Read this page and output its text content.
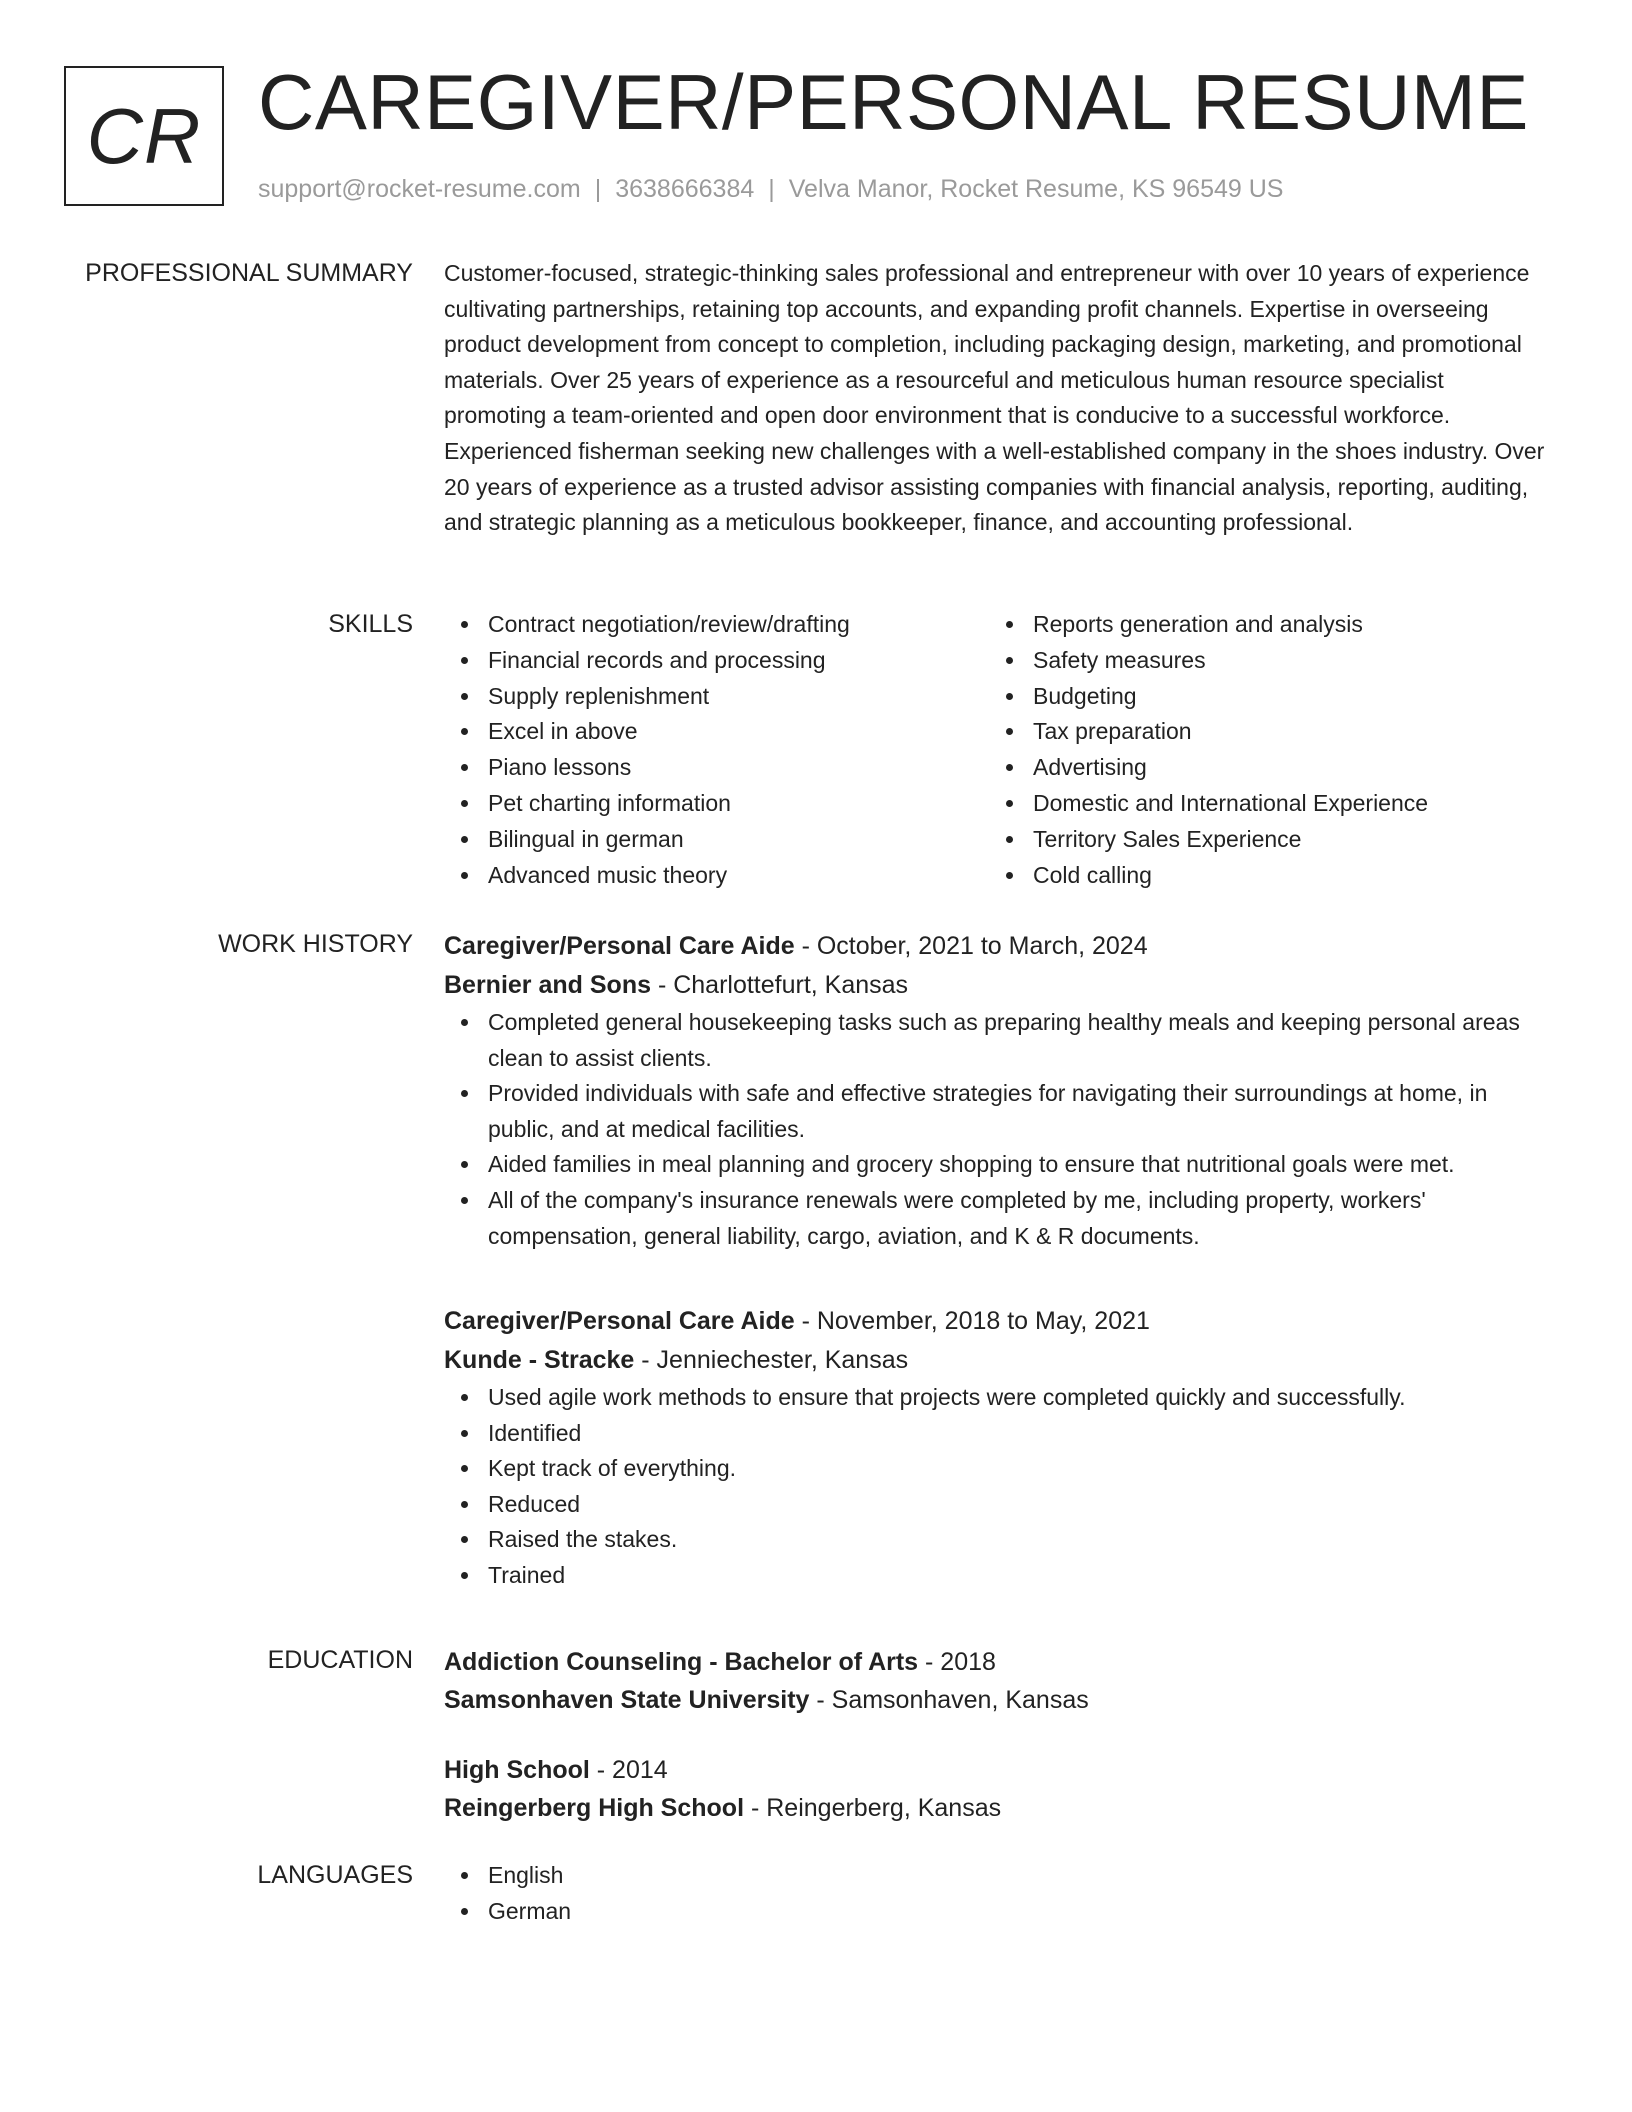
CR CAREGIVER/PERSONAL RESUME
support@rocket-resume.com | 3638666384 | Velva Manor, Rocket Resume, KS 96549 US
PROFESSIONAL SUMMARY Customer-focused, strategic-thinking sales professional and entrepreneur with over 10 years of experience cultivating partnerships, retaining top accounts, and expanding profit channels. Expertise in overseeing product development from concept to completion, including packaging design, marketing, and promotional materials. Over 25 years of experience as a resourceful and meticulous human resource specialist promoting a team-oriented and open door environment that is conducive to a successful workforce. Experienced fisherman seeking new challenges with a well-established company in the shoes industry. Over 20 years of experience as a trusted advisor assisting companies with financial analysis, reporting, auditing, and strategic planning as a meticulous bookkeeper, finance, and accounting professional.

SKILLS	Contract negotiation/review/drafting
Financial records and processing
Supply replenishment
Excel in above
Piano lessons
Pet charting information
Bilingual in german
Advanced music theory
Reports generation and analysis
Safety measures
Budgeting
Tax preparation
Advertising
Domestic and International Experience
Territory Sales Experience
Cold calling
WORK HISTORY Caregiver/Personal Care Aide - October, 2021 to March, 2024
Bernier and Sons - Charlottefurt, Kansas
Completed general housekeeping tasks such as preparing healthy meals and keeping personal areas clean to assist clients.
Provided individuals with safe and effective strategies for navigating their surroundings at home, in public, and at medical facilities.
Aided families in meal planning and grocery shopping to ensure that nutritional goals were met.
All of the company's insurance renewals were completed by me, including property, workers' compensation, general liability, cargo, aviation, and K & R documents.
Caregiver/Personal Care Aide - November, 2018 to May, 2021
Kunde - Stracke - Jenniechester, Kansas
Used agile work methods to ensure that projects were completed quickly and successfully.
Identified
Kept track of everything.
Reduced
Raised the stakes.
Trained
EDUCATION Addiction Counseling - Bachelor of Arts - 2018
Samsonhaven State University - Samsonhaven, Kansas
High School - 2014
Reingerberg High School - Reingerberg, Kansas
LANGUAGES	English
German
